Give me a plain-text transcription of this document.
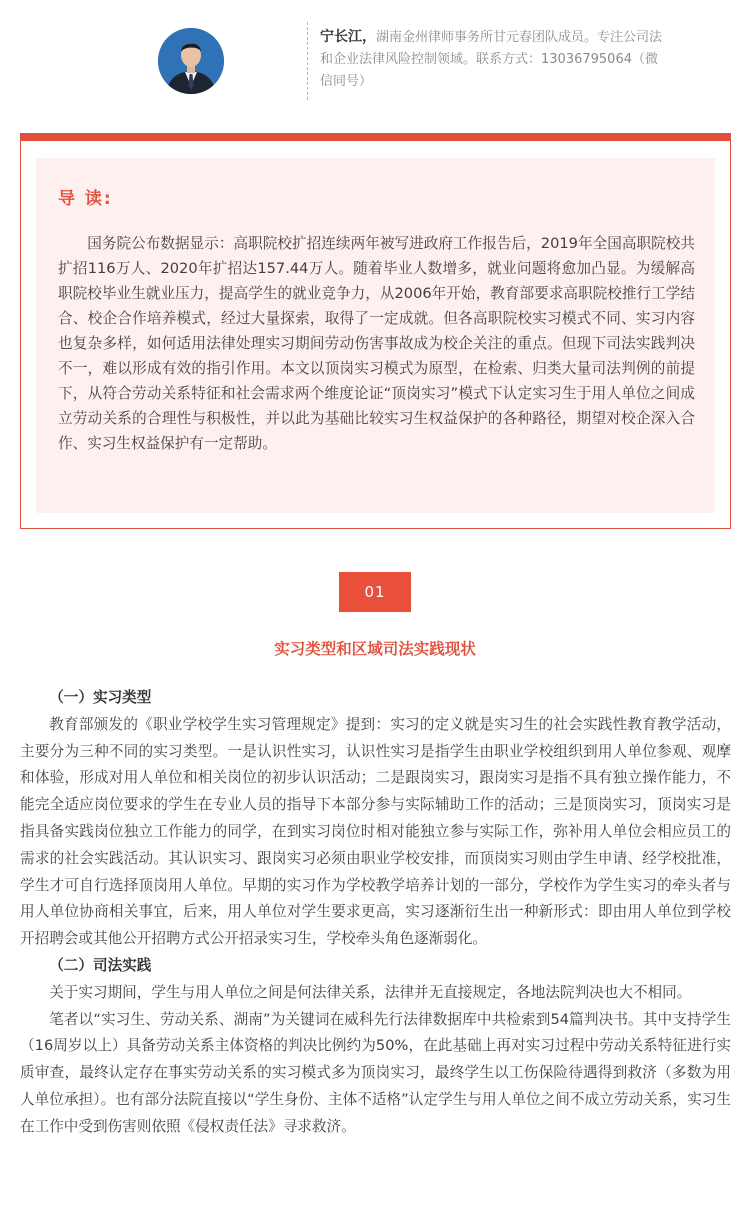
宁长江，湖南金州律师事务所甘元春团队成员。专注公司法和企业法律风险控制领域。联系方式：13036795064（微信同号）

导 读:

国务院公布数据显示：高职院校扩招连续两年被写进政府工作报告后，2019年全国高职院校共扩招116万人、2020年扩招达157.44万人。随着毕业人数增多，就业问题将愈加凸显。为缓解高职院校毕业生就业压力，提高学生的就业竞争力，从2006年开始，教育部要求高职院校推行工学结合、校企合作培养模式，经过大量探索，取得了一定成就。但各高职院校实习模式不同、实习内容也复杂多样，如何适用法律处理实习期间劳动伤害事故成为校企关注的重点。但现下司法实践判决不一，难以形成有效的指引作用。本文以顶岗实习模式为原型，在检索、归类大量司法判例的前提下，从符合劳动关系特征和社会需求两个维度论证“顶岗实习”模式下认定实习生于用人单位之间成立劳动关系的合理性与积极性，并以此为基础比较实习生权益保护的各种路径，期望对校企深入合作、实习生权益保护有一定帮助。

01
实习类型和区域司法实践现状
（一）实习类型

教育部颁发的《职业学校学生实习管理规定》提到：实习的定义就是实习生的社会实践性教育教学活动，主要分为三种不同的实习类型。一是认识性实习，认识性实习是指学生由职业学校组织到用人单位参观、观摩和体验，形成对用人单位和相关岗位的初步认识活动；二是跟岗实习，跟岗实习是指不具有独立操作能力，不能完全适应岗位要求的学生在专业人员的指导下本部分参与实际辅助工作的活动；三是顶岗实习，顶岗实习是指具备实践岗位独立工作能力的同学，在到实习岗位时相对能独立参与实际工作，弥补用人单位会相应员工的需求的社会实践活动。其认识实习、跟岗实习必须由职业学校安排，而顶岗实习则由学生申请、经学校批准，学生才可自行选择顶岗用人单位。早期的实习作为学校教学培养计划的一部分，学校作为学生实习的牵头者与用人单位协商相关事宜，后来，用人单位对学生要求更高，实习逐渐衍生出一种新形式：即由用人单位到学校开招聘会或其他公开招聘方式公开招录实习生，学校牵头角色逐渐弱化。

（二）司法实践

关于实习期间，学生与用人单位之间是何法律关系，法律并无直接规定，各地法院判决也大不相同。

笔者以“实习生、劳动关系、湖南”为关键词在威科先行法律数据库中共检索到54篇判决书。其中支持学生（16周岁以上）具备劳动关系主体资格的判决比例约为50%，在此基础上再对实习过程中劳动关系特征进行实质审查，最终认定存在事实劳动关系的实习模式多为顶岗实习，最终学生以工伤保险待遇得到救济（多数为用人单位承担）。也有部分法院直接以“学生身份、主体不适格”认定学生与用人单位之间不成立劳动关系，实习生在工作中受到伤害则依照《侵权责任法》寻求救济。
